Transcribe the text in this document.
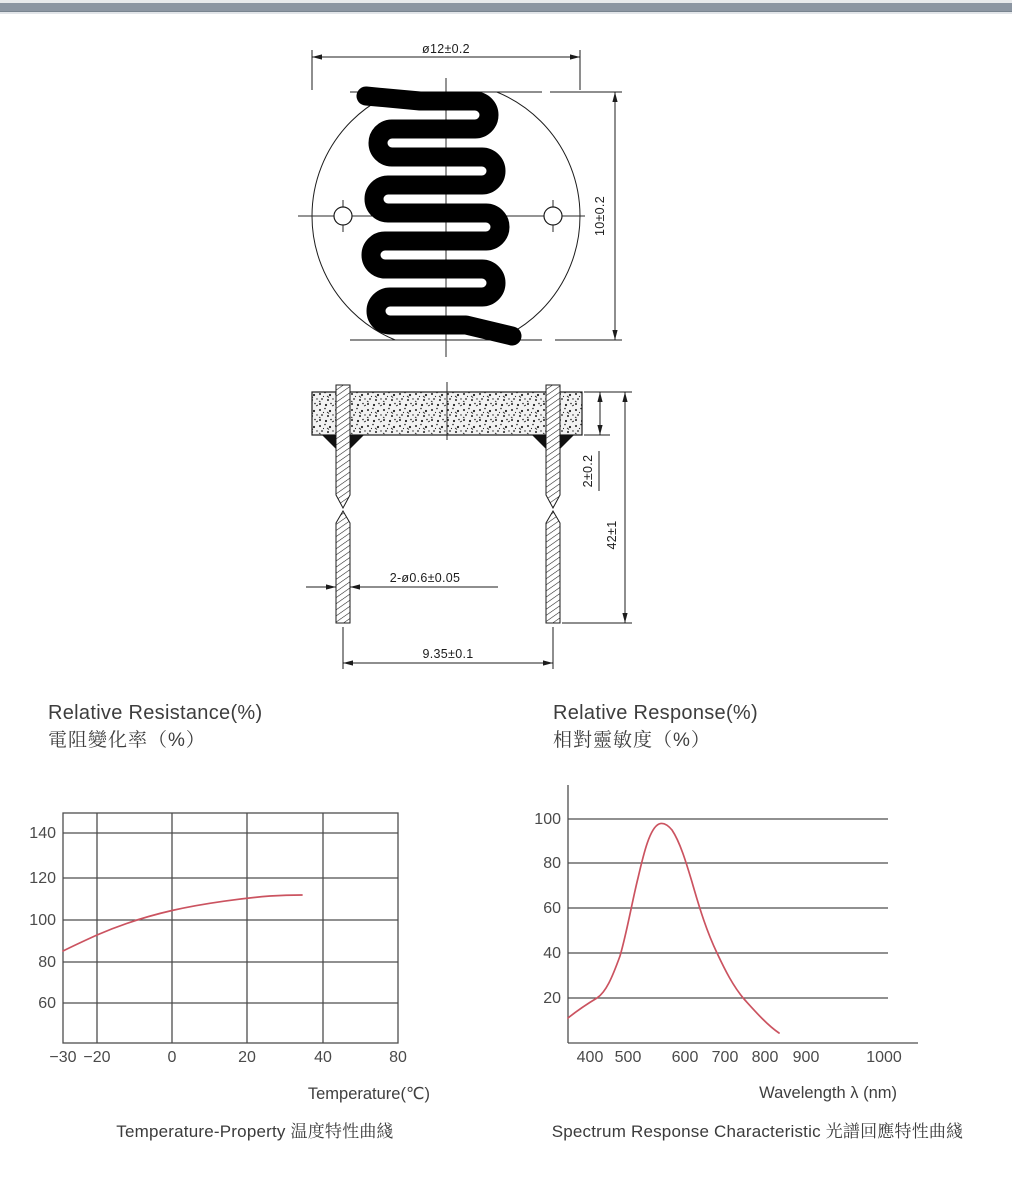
ø12±0.2
10±0.2
2±0.2
42±1
2-ø0.6±0.05
9.35±0.1
Relative Resistance(%)
電阻變化率（%）
140
120
100
80
60
−30 −20	0	20	40	80
Temperature(℃)
Temperature-Property 温度特性曲綫
Relative Response(%)
相對靈敏度（%）
100
80
60
40
20
400 500 600 700 800 900	1000
Wavelength λ (nm)
Spectrum Response Characteristic 光譜回應特性曲綫
